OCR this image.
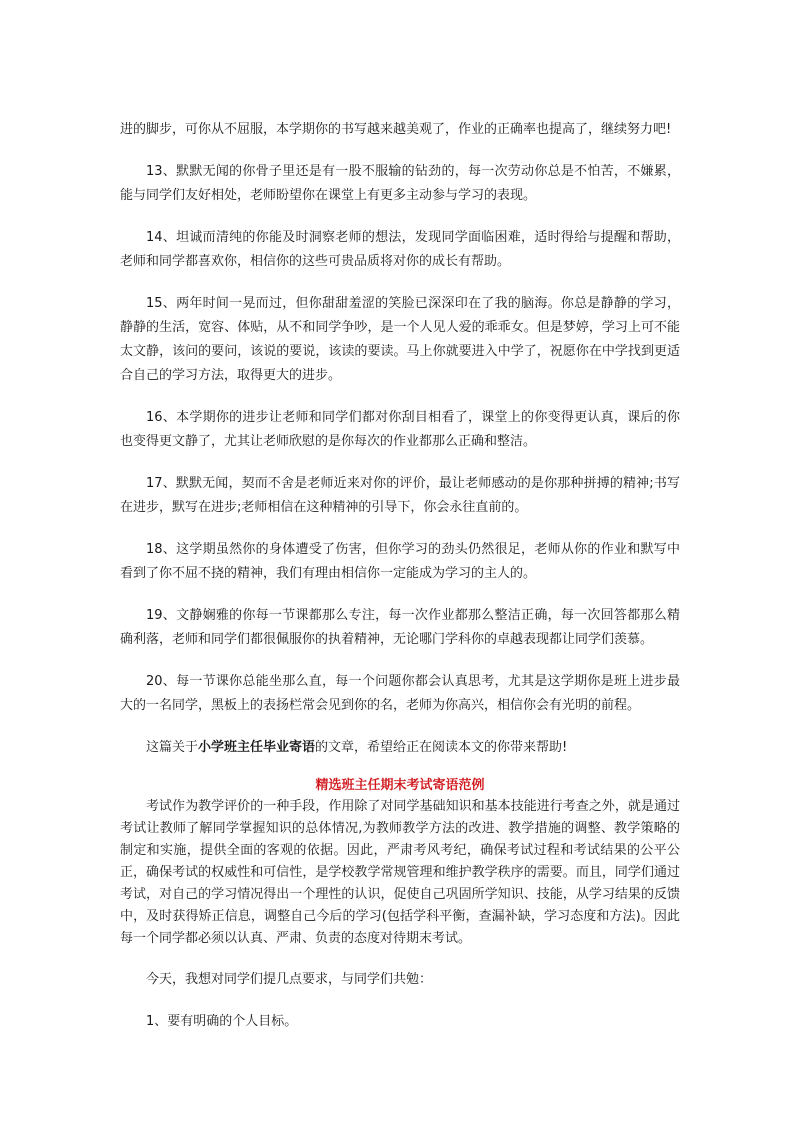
进的脚步，可你从不屈服，本学期你的书写越来越美观了，作业的正确率也提高了，继续努力吧!

13、默默无闻的你骨子里还是有一股不服输的钻劲的，每一次劳动你总是不怕苦，不嫌累，能与同学们友好相处，老师盼望你在课堂上有更多主动参与学习的表现。

14、坦诚而清纯的你能及时洞察老师的想法，发现同学面临困难，适时得给与提醒和帮助，老师和同学都喜欢你，相信你的这些可贵品质将对你的成长有帮助。

15、两年时间一晃而过，但你甜甜羞涩的笑脸已深深印在了我的脑海。你总是静静的学习，静静的生活，宽容、体贴，从不和同学争吵，是一个人见人爱的乖乖女。但是梦婷，学习上可不能太文静，该问的要问，该说的要说，该读的要读。马上你就要进入中学了，祝愿你在中学找到更适合自己的学习方法，取得更大的进步。

16、本学期你的进步让老师和同学们都对你刮目相看了，课堂上的你变得更认真，课后的你也变得更文静了，尤其让老师欣慰的是你每次的作业都那么正确和整洁。

17、默默无闻，契而不舍是老师近来对你的评价，最让老师感动的是你那种拼搏的精神;书写在进步，默写在进步;老师相信在这种精神的引导下，你会永往直前的。

18、这学期虽然你的身体遭受了伤害，但你学习的劲头仍然很足，老师从你的作业和默写中看到了你不屈不挠的精神，我们有理由相信你一定能成为学习的主人的。

19、文静娴雅的你每一节课都那么专注，每一次作业都那么整洁正确，每一次回答都那么精确利落，老师和同学们都很佩服你的执着精神，无论哪门学科你的卓越表现都让同学们羡慕。

20、每一节课你总能坐那么直，每一个问题你都会认真思考，尤其是这学期你是班上进步最大的一名同学，黑板上的表扬栏常会见到你的名，老师为你高兴，相信你会有光明的前程。

这篇关于小学班主任毕业寄语的文章，希望给正在阅读本文的你带来帮助!

精选班主任期末考试寄语范例

考试作为教学评价的一种手段，作用除了对同学基础知识和基本技能进行考查之外，就是通过考试让教师了解同学掌握知识的总体情况,为教师教学方法的改进、教学措施的调整、教学策略的制定和实施，提供全面的客观的依据。因此，严肃考风考纪，确保考试过程和考试结果的公平公正，确保考试的权威性和可信性，是学校教学常规管理和维护教学秩序的需要。而且，同学们通过考试，对自己的学习情况得出一个理性的认识，促使自己巩固所学知识、技能，从学习结果的反馈中，及时获得矫正信息，调整自己今后的学习(包括学科平衡，查漏补缺，学习态度和方法)。因此每一个同学都必须以认真、严肃、负责的态度对待期末考试。

今天，我想对同学们提几点要求，与同学们共勉：

1、要有明确的个人目标。
